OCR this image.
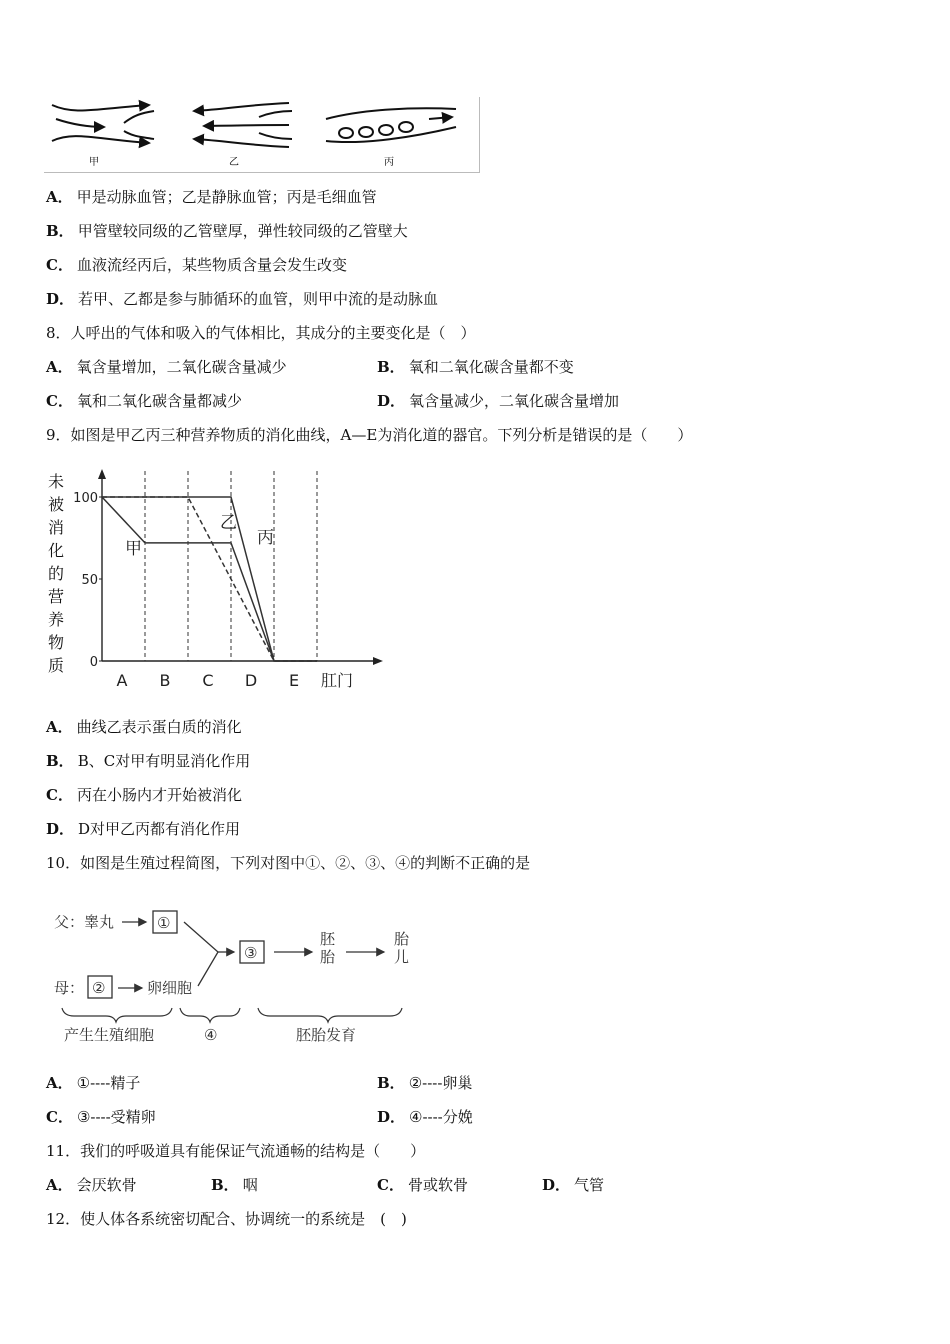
甲	乙	丙
A． 甲是动脉血管；乙是静脉血管；丙是毛细血管
B． 甲管壁较同级的乙管壁厚，弹性较同级的乙管壁大
C． 血液流经丙后，某些物质含量会发生改变
D． 若甲、乙都是参与肺循环的血管，则甲中流的是动脉血
8．人呼出的气体和吸入的气体相比，其成分的主要变化是（　）
A． 氧含量增加，二氧化碳含量减少	B． 氧和二氧化碳含量都不变
C． 氧和二氧化碳含量都减少	D． 氧含量减少，二氧化碳含量增加
9．如图是甲乙丙三种营养物质的消化曲线，A—E为消化道的器官。下列分析是错误的是（　　）
未被消化的营养物质
100
50
0
A B C D E 肛门
甲
乙
丙
A． 曲线乙表示蛋白质的消化
B． B、C对甲有明显消化作用
C． 丙在小肠内才开始被消化
D． D对甲乙丙都有消化作用
10．如图是生殖过程简图，下列对图中①、②、③、④的判断不正确的是
父：睾丸	①
母： ②	卵细胞
③
胚胎
胎儿
产生生殖细胞	④	胚胎发育
A． ①----精子	B． ②----卵巢
C． ③----受精卵	D． ④----分娩
11．我们的呼吸道具有能保证气流通畅的结构是（　　）
A． 会厌软骨	B． 咽	C． 骨或软骨	D． 气管
12．使人体各系统密切配合、协调统一的系统是　(　)
